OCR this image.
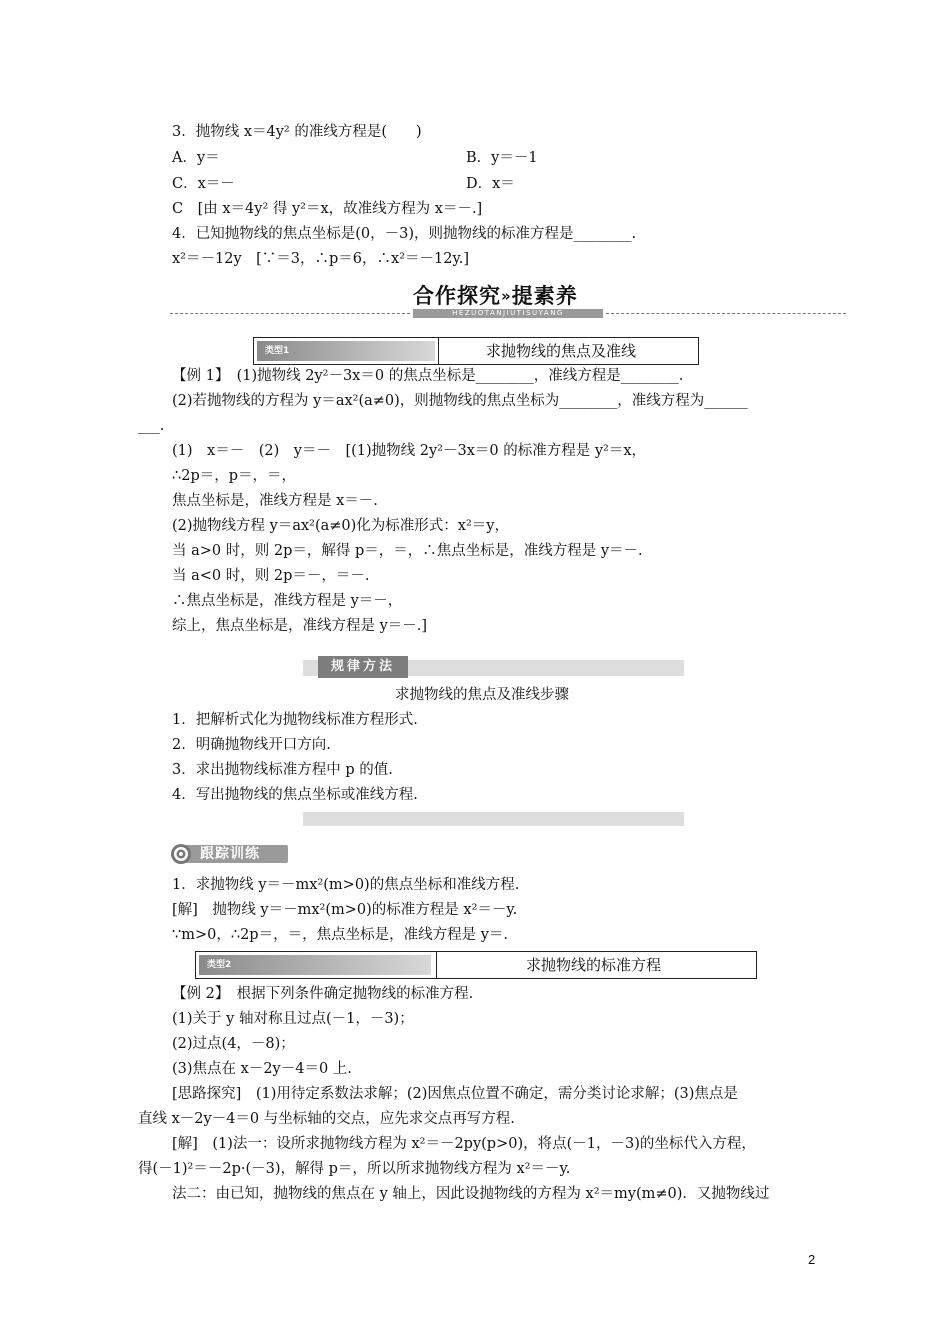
3．抛物线 x＝4y² 的准线方程是(　　)
A．y＝	B．y＝－1
C．x＝－	D．x＝
C　[由 x＝4y² 得 y²＝x，故准线方程为 x＝－.]
4．已知抛物线的焦点坐标是(0，－3)，则抛物线的标准方程是________.
x²＝－12y　[∵＝3，∴p＝6，∴x²＝－12y.]
【例 1】　(1)抛物线 2y²－3x＝0 的焦点坐标是________，准线方程是________.
(2)若抛物线的方程为 y＝ax²(a≠0)，则抛物线的焦点坐标为________，准线方程为______
___.
(1)　x＝－　(2)　y＝－　[(1)抛物线 2y²－3x＝0 的标准方程是 y²＝x，
∴2p＝，p＝，＝，
焦点坐标是，准线方程是 x＝－.
(2)抛物线方程 y＝ax²(a≠0)化为标准形式：x²＝y，
当 a>0 时，则 2p＝，解得 p＝，＝，∴焦点坐标是，准线方程是 y＝－.
当 a<0 时，则 2p＝－，＝－.
∴焦点坐标是，准线方程是 y＝－，
综上，焦点坐标是，准线方程是 y＝－.]
求抛物线的焦点及准线步骤
1．把解析式化为抛物线标准方程形式.
2．明确抛物线开口方向.
3．求出抛物线标准方程中 p 的值.
4．写出抛物线的焦点坐标或准线方程.
1．求抛物线 y＝－mx²(m>0)的焦点坐标和准线方程.
[解]　抛物线 y＝－mx²(m>0)的标准方程是 x²＝－y.
∵m>0，∴2p＝，＝，焦点坐标是，准线方程是 y＝.
【例 2】　根据下列条件确定抛物线的标准方程.
(1)关于 y 轴对称且过点(－1，－3)；
(2)过点(4，－8)；
(3)焦点在 x－2y－4＝0 上.
[思路探究]　(1)用待定系数法求解；(2)因焦点位置不确定，需分类讨论求解；(3)焦点是
直线 x－2y－4＝0 与坐标轴的交点，应先求交点再写方程.
[解]　(1)法一：设所求抛物线方程为 x²＝－2py(p>0)，将点(－1，－3)的坐标代入方程，
得(－1)²＝－2p·(－3)，解得 p＝，所以所求抛物线方程为 x²＝－y.
法二：由已知，抛物线的焦点在 y 轴上，因此设抛物线的方程为 x²＝my(m≠0)．又抛物线过
合作探究»提素养
HEZUOTANJIUTISUYANG
类型1	求抛物线的焦点及准线
规律方法
跟踪训练
类型2	求抛物线的标准方程
2
